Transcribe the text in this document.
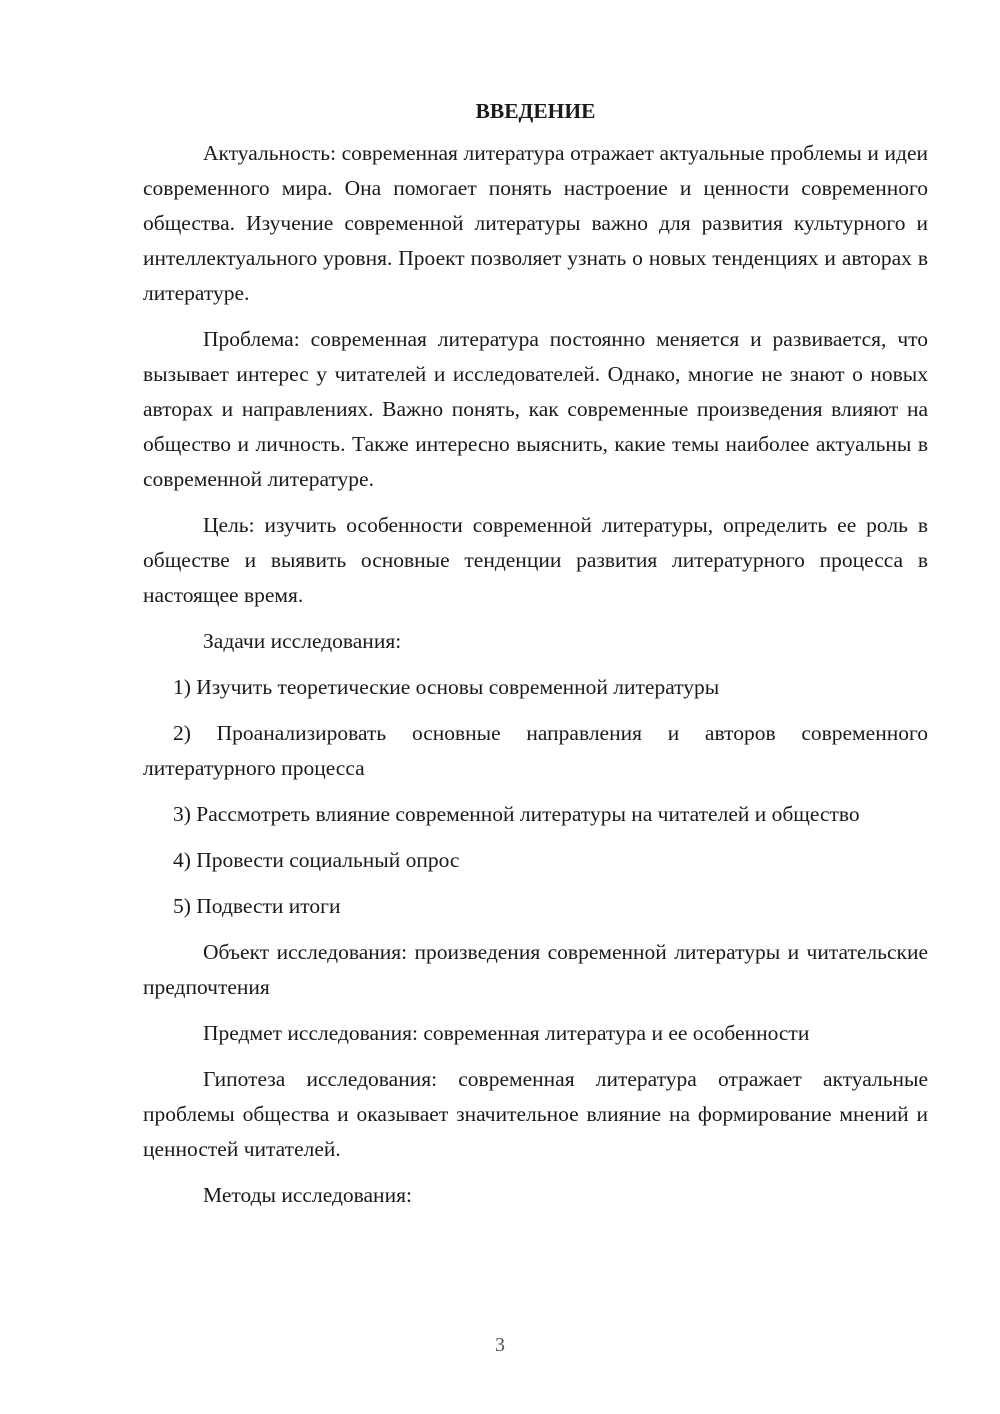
ВВЕДЕНИЕ

Актуальность: современная литература отражает актуальные проблемы и идеи современного мира. Она помогает понять настроение и ценности современного общества. Изучение современной литературы важно для развития культурного и интеллектуального уровня. Проект позволяет узнать о новых тенденциях и авторах в литературе.

Проблема: современная литература постоянно меняется и развивается, что вызывает интерес у читателей и исследователей. Однако, многие не знают о новых авторах и направлениях. Важно понять, как современные произведения влияют на общество и личность. Также интересно выяснить, какие темы наиболее актуальны в современной литературе.

Цель: изучить особенности современной литературы, определить ее роль в обществе и выявить основные тенденции развития литературного процесса в настоящее время.

Задачи исследования:

1) Изучить теоретические основы современной литературы

2) Проанализировать основные направления и авторов современного литературного процесса

3) Рассмотреть влияние современной литературы на читателей и общество

4) Провести социальный опрос

5) Подвести итоги

Объект исследования: произведения современной литературы и читательские предпочтения

Предмет исследования: современная литература и ее особенности

Гипотеза исследования: современная литература отражает актуальные проблемы общества и оказывает значительное влияние на формирование мнений и ценностей читателей.

Методы исследования:

3
